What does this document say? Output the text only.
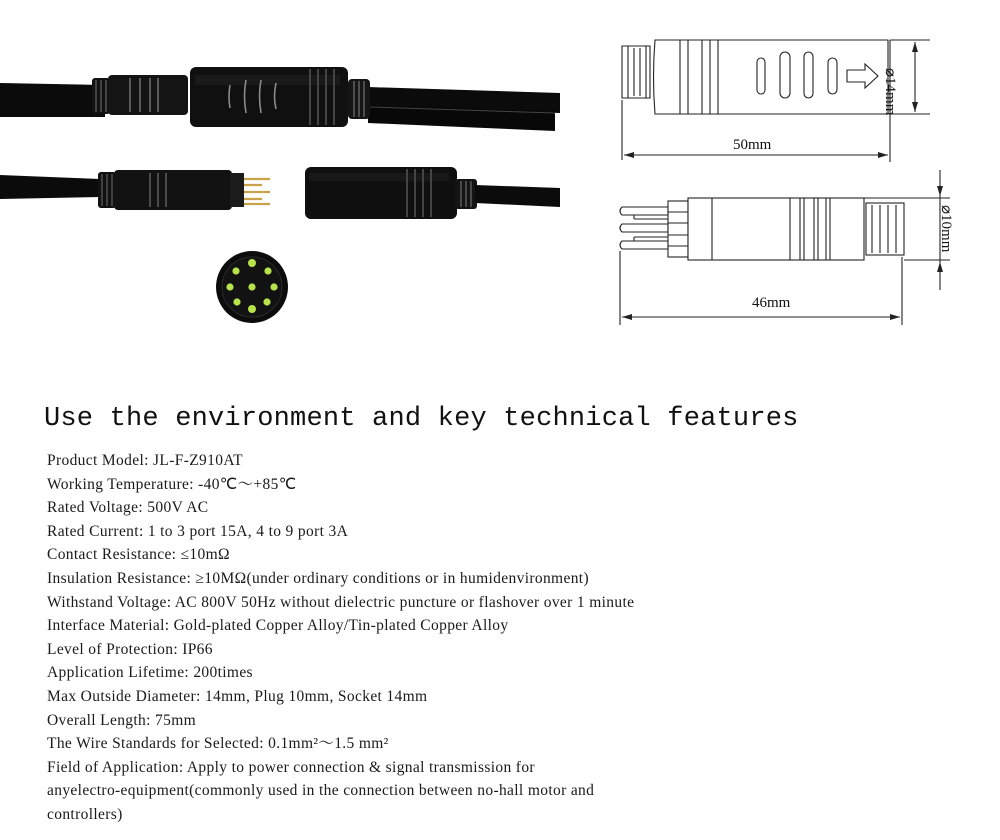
50mm
⌀14mm
46mm
⌀10mm
Use the environment and key technical features
Product Model: JL-F-Z910AT
Working Temperature: -40℃～+85℃
Rated Voltage: 500V AC
Rated Current: 1 to 3 port 15A, 4 to 9 port 3A
Contact Resistance: ≤10mΩ
Insulation Resistance: ≥10MΩ(under ordinary conditions or in humidenvironment)
Withstand Voltage: AC 800V 50Hz without dielectric puncture or flashover over 1 minute
Interface Material: Gold-plated Copper Alloy/Tin-plated Copper Alloy
Level of Protection: IP66
Application Lifetime: 200times
Max Outside Diameter: 14mm, Plug 10mm, Socket 14mm
Overall Length: 75mm
The Wire Standards for Selected: 0.1mm²～1.5 mm²
Field of Application: Apply to power connection & signal transmission for
anyelectro-equipment(commonly used in the connection between no-hall motor and
controllers)
